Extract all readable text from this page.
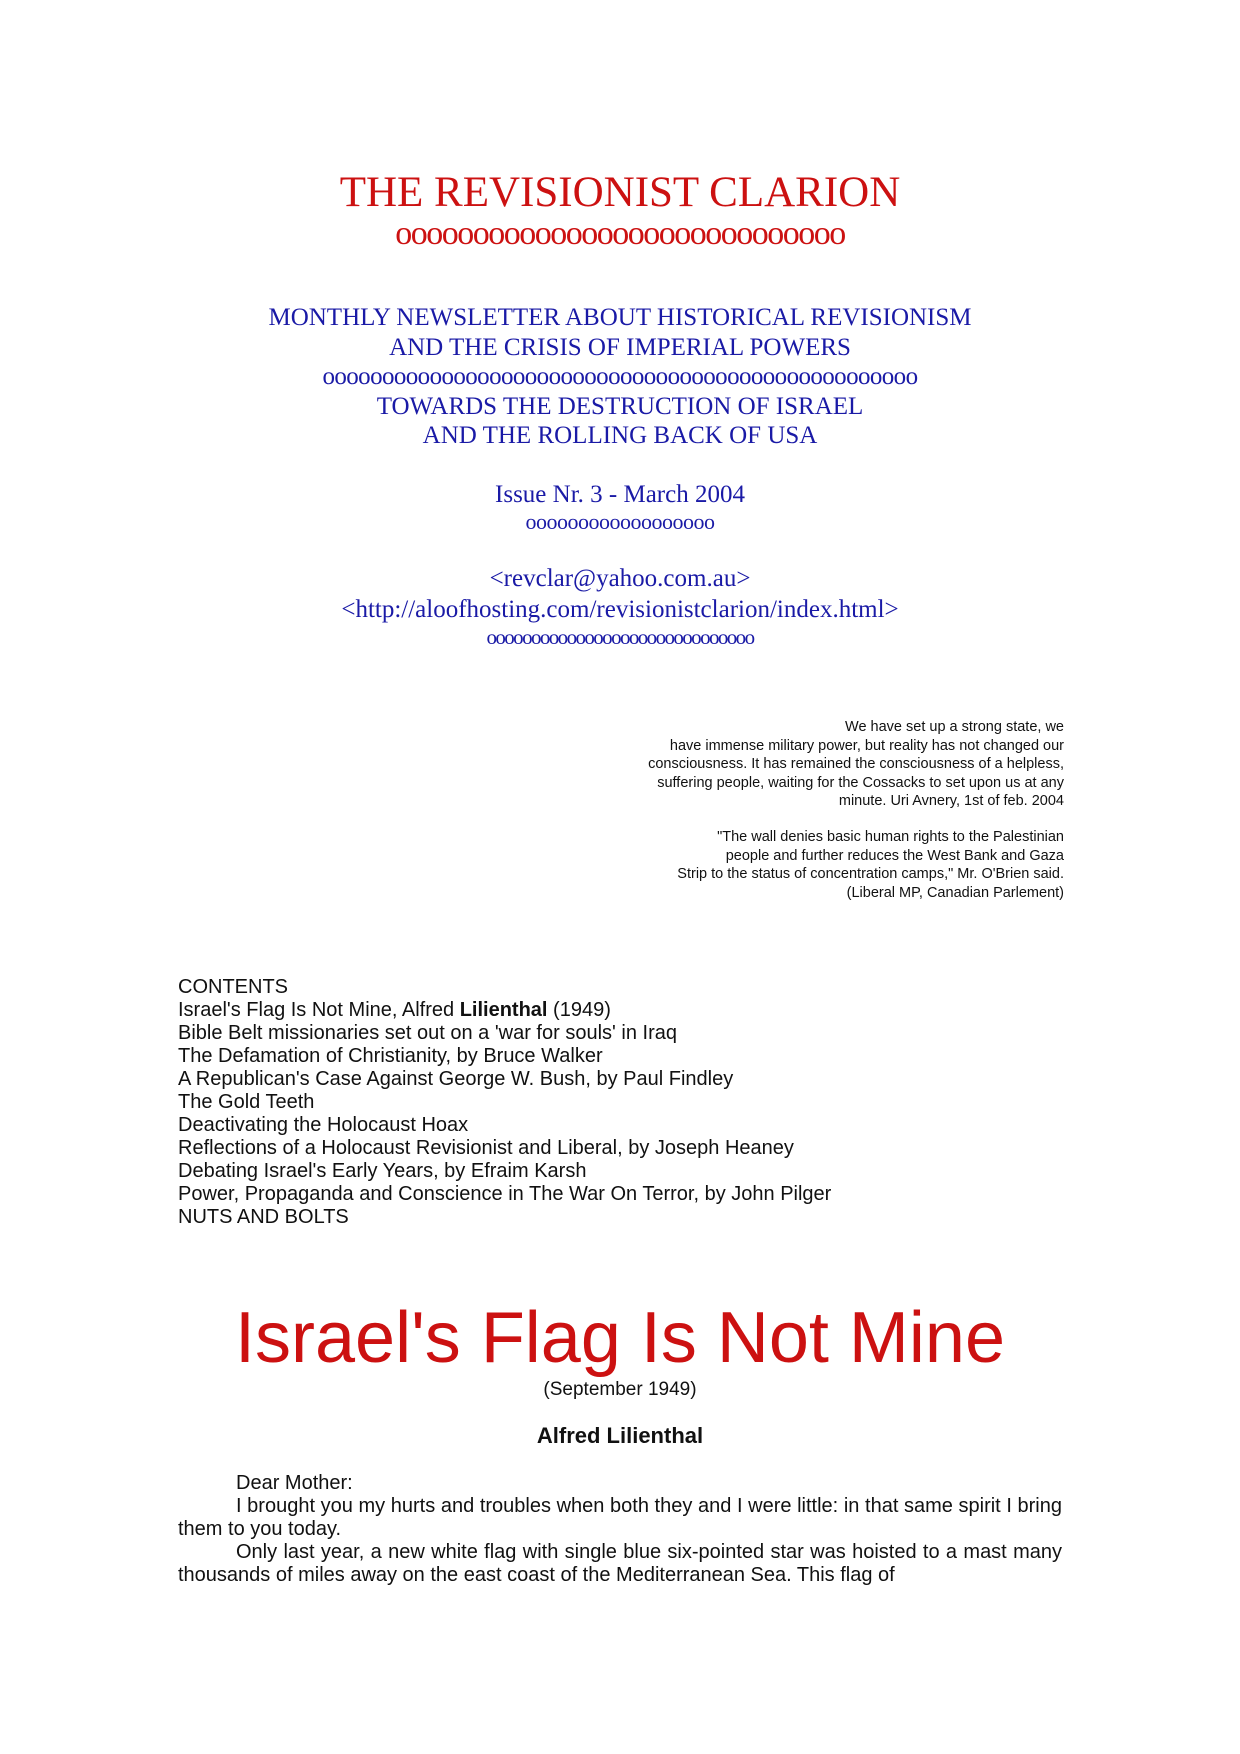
THE REVISIONIST CLARION
ooooooooooooooooooooooooooooo
MONTHLY NEWSLETTER ABOUT HISTORICAL REVISIONISM
AND THE CRISIS OF IMPERIAL POWERS
oooooooooooooooooooooooooooooooooooooooooooooooooo
TOWARDS THE DESTRUCTION OF ISRAEL
AND THE ROLLING BACK OF USA
Issue Nr. 3 - March 2004
oooooooooooooooooo
<revclar@yahoo.com.au>
<http://aloofhosting.com/revisionistclarion/index.html>
oooooooooooooooooooooooooooooo
We have set up a strong state, we
have immense military power, but reality has not changed our
consciousness. It has remained the consciousness of a helpless,
suffering people, waiting for the Cossacks to set upon us at any
minute. Uri Avnery, 1st of feb. 2004
"The wall denies basic human rights to the Palestinian
people and further reduces the West Bank and Gaza
Strip to the status of concentration camps," Mr. O'Brien said.
(Liberal MP, Canadian Parlement)
CONTENTS
Israel's Flag Is Not Mine, Alfred Lilienthal (1949)
Bible Belt missionaries set out on a 'war for souls' in Iraq
The Defamation of Christianity, by Bruce Walker
A Republican's Case Against George W. Bush, by Paul Findley
The Gold Teeth
Deactivating the Holocaust Hoax
Reflections of a Holocaust Revisionist and Liberal, by Joseph Heaney
Debating Israel's Early Years, by Efraim Karsh
Power, Propaganda and Conscience in The War On Terror, by John Pilger
NUTS AND BOLTS
Israel's Flag Is Not Mine
(September 1949)
Alfred Lilienthal

Dear Mother:

I brought you my hurts and troubles when both they and I were little: in that same spirit I bring them to you today.

Only last year, a new white flag with single blue six-pointed star was hoisted to a mast many thousands of miles away on the east coast of the Mediterranean Sea. This flag of
